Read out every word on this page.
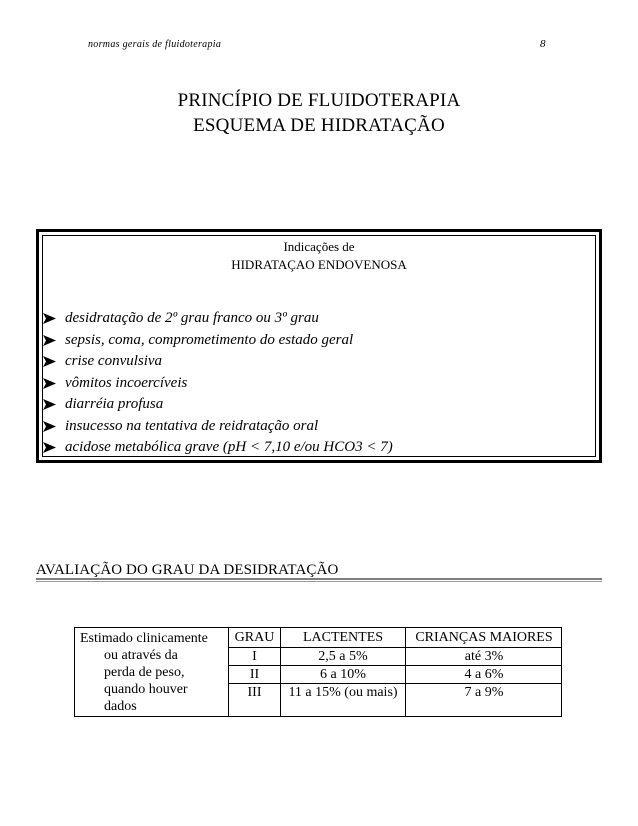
normas gerais de fluidoterapia	8
PRINCÍPIO DE FLUIDOTERAPIA
ESQUEMA DE HIDRATAÇÃO
Indicações de
HIDRATAÇAO ENDOVENOSA
desidratação de 2º grau franco ou 3º grau
sepsis, coma, comprometimento do estado geral
crise convulsiva
vômitos incoercíveis
diarréia profusa
insucesso na tentativa de reidratação oral
acidose metabólica grave (pH < 7,10 e/ou HCO3 < 7)
AVALIAÇÃO DO GRAU DA DESIDRATAÇÃO
Estimado clinicamente
ou através da
perda de peso,
quando houver
dados
GRAU	LACTENTES	CRIANÇAS MAIORES
I	2,5 a 5%	até 3%
II	6 a 10%	4 a 6%
III	11 a 15% (ou mais)	7 a 9%
